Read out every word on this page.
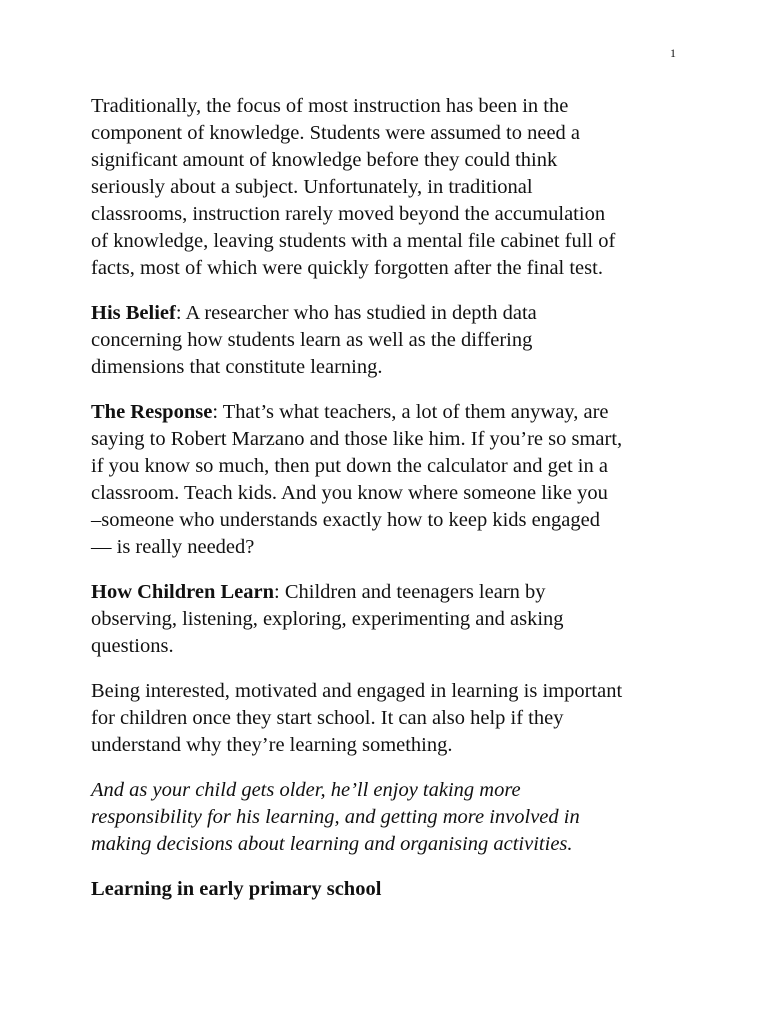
1

Traditionally, the focus of most instruction has been in the
component of knowledge. Students were assumed to need a
significant amount of knowledge before they could think
seriously about a subject. Unfortunately, in traditional
classrooms, instruction rarely moved beyond the accumulation
of knowledge, leaving students with a mental file cabinet full of
facts, most of which were quickly forgotten after the final test.

His Belief: A researcher who has studied in depth data
concerning how students learn as well as the differing
dimensions that constitute learning.

The Response: That’s what teachers, a lot of them anyway, are
saying to Robert Marzano and those like him. If you’re so smart,
if you know so much, then put down the calculator and get in a
classroom. Teach kids. And you know where someone like you
–someone who understands exactly how to keep kids engaged
— is really needed?

How Children Learn: Children and teenagers learn by
observing, listening, exploring, experimenting and asking
questions.

Being interested, motivated and engaged in learning is important
for children once they start school. It can also help if they
understand why they’re learning something.

And as your child gets older, he’ll enjoy taking more
responsibility for his learning, and getting more involved in
making decisions about learning and organising activities.

Learning in early primary school
